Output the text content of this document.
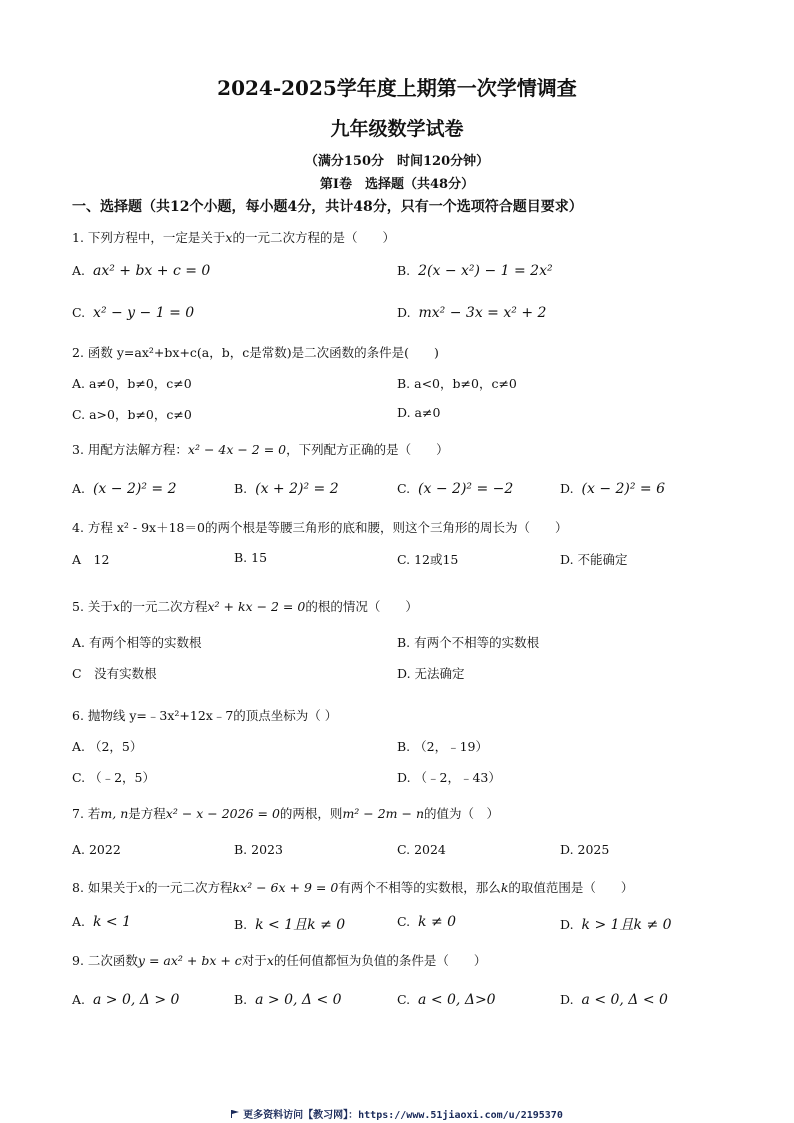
2024-2025学年度上期第一次学情调查
九年级数学试卷
（满分150分　时间120分钟）
第Ⅰ卷　选择题（共48分）
一、选择题（共12个小题，每小题4分，共计48分，只有一个选项符合题目要求）
1. 下列方程中，一定是关于x的一元二次方程的是（　　）
A. ax² + bx + c = 0	B. 2(x − x²) − 1 = 2x²
C. x² − y − 1 = 0	D. mx² − 3x = x² + 2
2. 函数 y=ax²+bx+c(a，b，c是常数)是二次函数的条件是(　　)
A. a≠0，b≠0，c≠0	B. a<0，b≠0，c≠0
C. a>0，b≠0，c≠0	D. a≠0
3. 用配方法解方程：x² − 4x − 2 = 0，下列配方正确的是（　　）
A. (x − 2)² = 2	B. (x + 2)² = 2	C. (x − 2)² = −2	D. (x − 2)² = 6
4. 方程 x² - 9x＋18＝0的两个根是等腰三角形的底和腰，则这个三角形的周长为（　　）
A　12	B. 15	C. 12或15	D. 不能确定
5. 关于x的一元二次方程x² + kx − 2 = 0的根的情况（　　）
A. 有两个相等的实数根	B. 有两个不相等的实数根
C　没有实数根	D. 无法确定
6. 抛物线 y=﹣3x²+12x﹣7的顶点坐标为（ ）
A. （2，5）	B. （2，﹣19）
C. （﹣2，5）	D. （﹣2，﹣43）
7. 若m, n是方程x² − x − 2026 = 0的两根，则m² − 2m − n的值为（　）
A. 2022	B. 2023	C. 2024	D. 2025
8. 如果关于x的一元二次方程kx² − 6x + 9 = 0有两个不相等的实数根，那么k的取值范围是（　　）
A. k < 1	B. k < 1且k ≠ 0	C. k ≠ 0	D. k > 1且k ≠ 0
9. 二次函数y = ax² + bx + c对于x的任何值都恒为负值的条件是（　　）
A. a > 0, Δ > 0	B. a > 0, Δ < 0	C. a < 0, Δ>0	D. a < 0, Δ < 0
更多资料访问【教习网】：https://www.51jiaoxi.com/u/2195370
